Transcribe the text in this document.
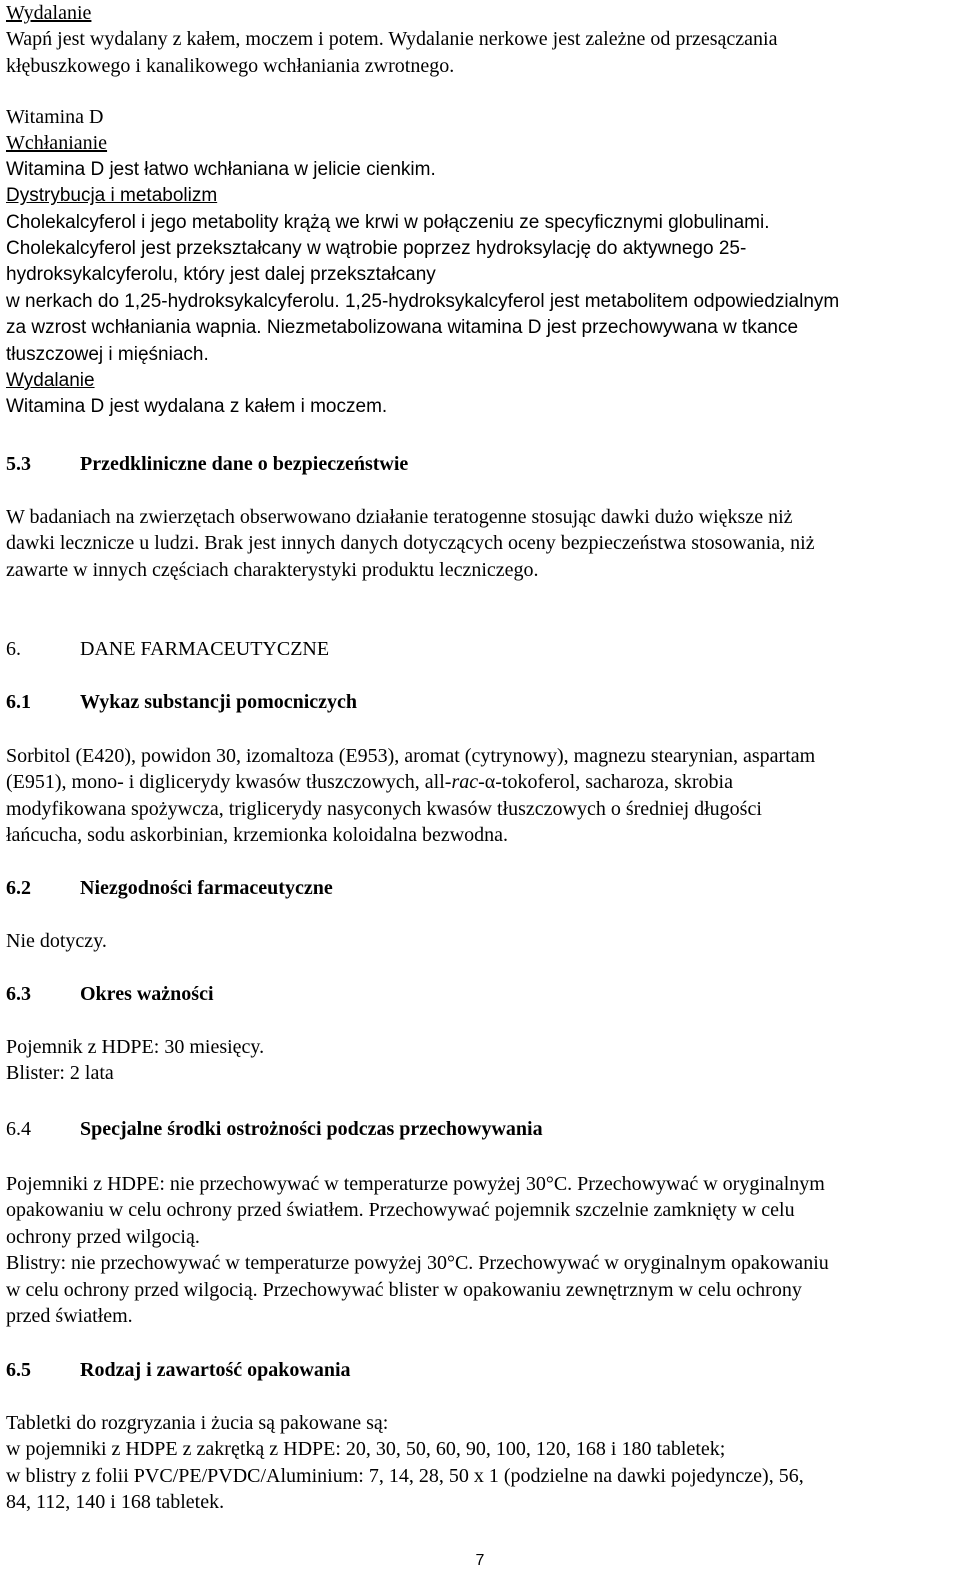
Wydalanie
Wapń jest wydalany z kałem, moczem i potem. Wydalanie nerkowe jest zależne od przesączania
kłębuszkowego i kanalikowego wchłaniania zwrotnego.
Witamina D
Wchłanianie
Witamina D jest łatwo wchłaniana w jelicie cienkim.
Dystrybucja i metabolizm
Cholekalcyferol i jego metabolity krążą we krwi w połączeniu ze specyficznymi globulinami.
Cholekalcyferol jest przekształcany w wątrobie poprzez hydroksylację do aktywnego 25-
hydroksykalcyferolu, który jest dalej przekształcany
w nerkach do 1,25-hydroksykalcyferolu. 1,25-hydroksykalcyferol jest metabolitem odpowiedzialnym
za wzrost wchłaniania wapnia. Niezmetabolizowana witamina D jest przechowywana w tkance
tłuszczowej i mięśniach.
Wydalanie
Witamina D jest wydalana z kałem i moczem.
5.3 Przedkliniczne dane o bezpieczeństwie
W badaniach na zwierzętach obserwowano działanie teratogenne stosując dawki dużo większe niż
dawki lecznicze u ludzi. Brak jest innych danych dotyczących oceny bezpieczeństwa stosowania, niż
zawarte w innych częściach charakterystyki produktu leczniczego.
6.	DANE FARMACEUTYCZNE
6.1 Wykaz substancji pomocniczych
Sorbitol (E420), powidon 30, izomaltoza (E953), aromat (cytrynowy), magnezu stearynian, aspartam
(E951), mono- i diglicerydy kwasów tłuszczowych, all-rac-α-tokoferol, sacharoza, skrobia
modyfikowana spożywcza, triglicerydy nasyconych kwasów tłuszczowych o średniej długości
łańcucha, sodu askorbinian, krzemionka koloidalna bezwodna.
6.2 Niezgodności farmaceutyczne
Nie dotyczy.
6.3 Okres ważności
Pojemnik z HDPE: 30 miesięcy.
Blister: 2 lata
6.4 Specjalne środki ostrożności podczas przechowywania
Pojemniki z HDPE: nie przechowywać w temperaturze powyżej 30°C. Przechowywać w oryginalnym
opakowaniu w celu ochrony przed światłem. Przechowywać pojemnik szczelnie zamknięty w celu
ochrony przed wilgocią.
Blistry: nie przechowywać w temperaturze powyżej 30°C. Przechowywać w oryginalnym opakowaniu
w celu ochrony przed wilgocią. Przechowywać blister w opakowaniu zewnętrznym w celu ochrony
przed światłem.
6.5 Rodzaj i zawartość opakowania
Tabletki do rozgryzania i żucia są pakowane są:
w pojemniki z HDPE z zakrętką z HDPE: 20, 30, 50, 60, 90, 100, 120, 168 i 180 tabletek;
w blistry z folii PVC/PE/PVDC/Aluminium: 7, 14, 28, 50 x 1 (podzielne na dawki pojedyncze), 56,
84, 112, 140 i 168 tabletek.
7
